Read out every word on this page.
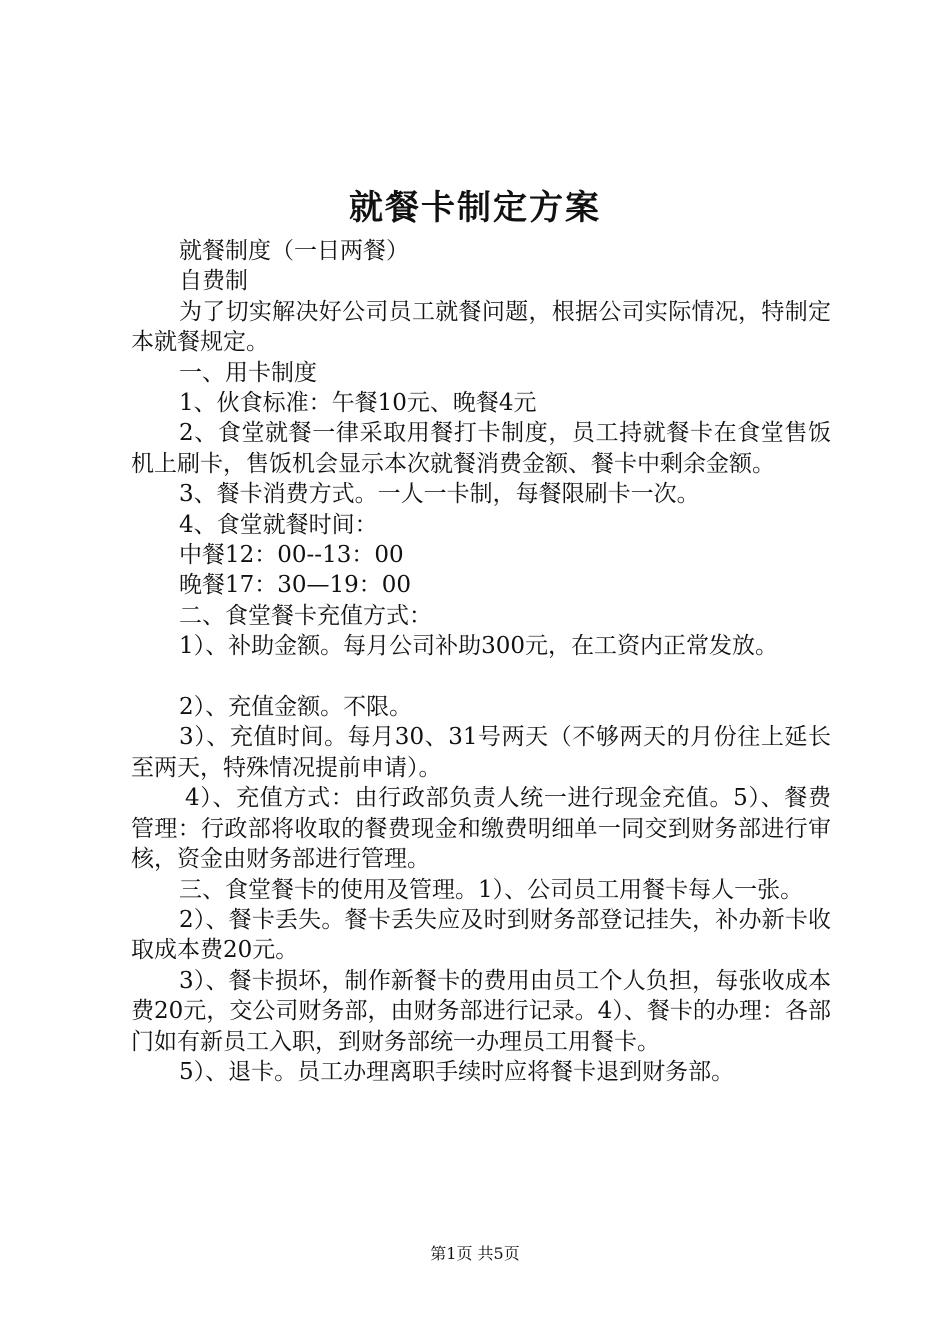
就餐卡制定方案

就餐制度（一日两餐）

自费制

为了切实解决好公司员工就餐问题，根据公司实际情况，特制定本就餐规定。

一、用卡制度

1、伙食标准：午餐10元、晚餐4元

2、食堂就餐一律采取用餐打卡制度，员工持就餐卡在食堂售饭机上刷卡，售饭机会显示本次就餐消费金额、餐卡中剩余金额。

3、餐卡消费方式。一人一卡制，每餐限刷卡一次。

4、食堂就餐时间：

中餐12：00--13：00

晚餐17：30—19：00

二、食堂餐卡充值方式：

1）、补助金额。每月公司补助300元，在工资内正常发放。

2）、充值金额。不限。

3）、充值时间。每月30、31号两天（不够两天的月份往上延长至两天，特殊情况提前申请）。

4）、充值方式：由行政部负责人统一进行现金充值。5）、餐费管理：行政部将收取的餐费现金和缴费明细单一同交到财务部进行审核，资金由财务部进行管理。

三、食堂餐卡的使用及管理。1）、公司员工用餐卡每人一张。

2）、餐卡丢失。餐卡丢失应及时到财务部登记挂失，补办新卡收取成本费20元。

3）、餐卡损坏，制作新餐卡的费用由员工个人负担，每张收成本费20元，交公司财务部，由财务部进行记录。4）、餐卡的办理：各部门如有新员工入职，到财务部统一办理员工用餐卡。

5）、退卡。员工办理离职手续时应将餐卡退到财务部。

第1页 共5页
